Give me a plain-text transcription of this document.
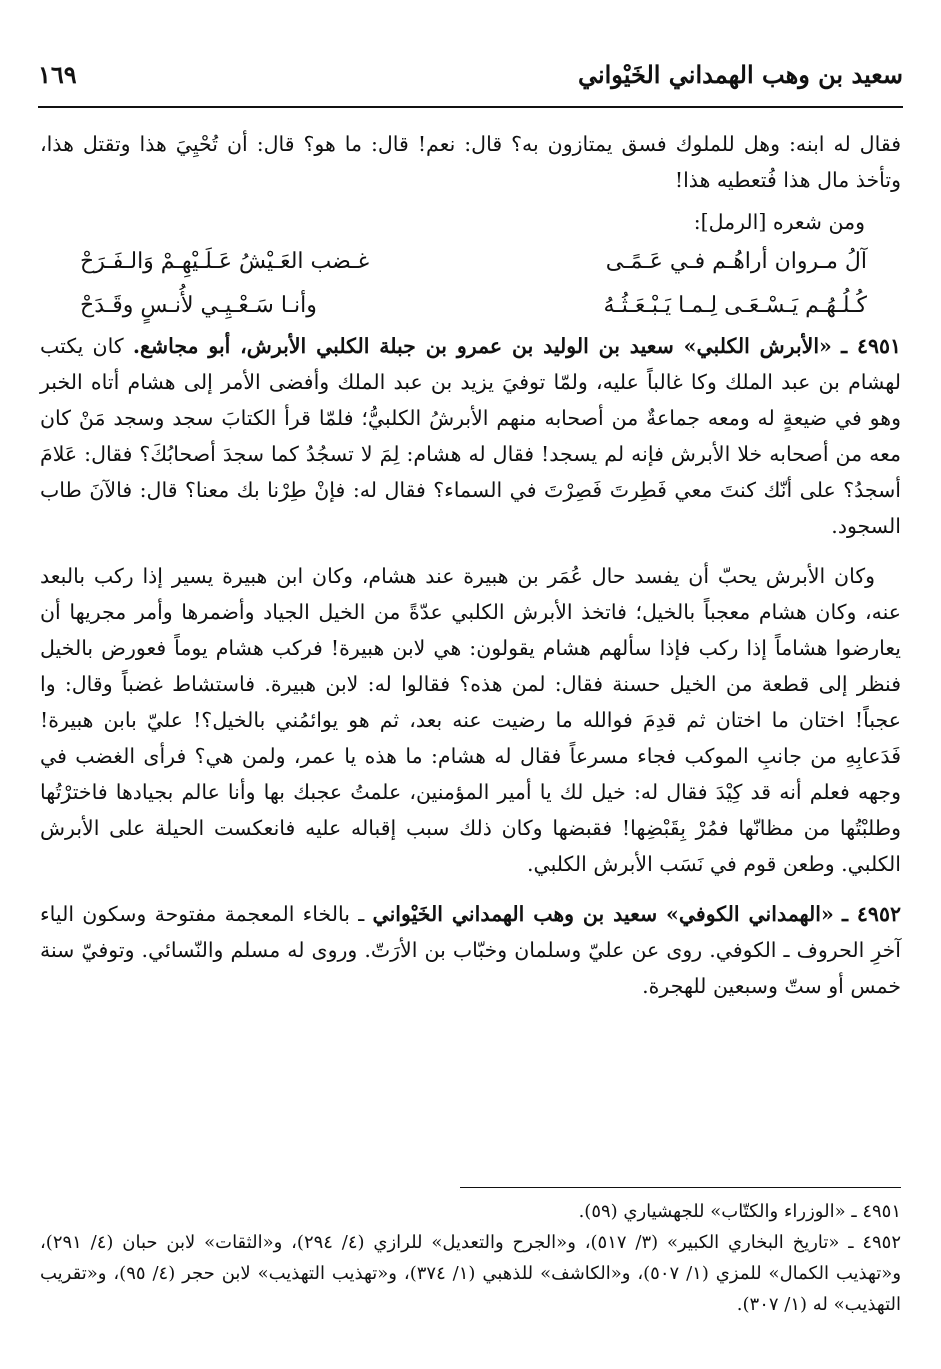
سعيد بن وهب الهمداني الخَيْواني
١٦٩

فقال له ابنه: وهل للملوك فسق يمتازون به؟ قال: نعم! قال: ما هو؟ قال: أن تُحْيِيَ هذا وتقتل هذا، وتأخذ مال هذا فُتعطيه هذا!

ومن شعره [الرمل]:

آلُ مـروان أراهُـم فـي عَـمًـى
غـضب العَـيْشُ عَـلَـيْهِـمْ وَالـفَـرَحْ
كُـلُـهُـم يَـسْـعَـى لِـمـا يَـبْـعَـثُـهُ
وأنـا سَـعْـيِـي لأُنـسٍ وقَـدَحْ

٤٩٥١ ـ «الأبرش الكلبي» سعيد بن الوليد بن عمرو بن جبلة الكلبي الأبرش، أبو مجاشع. كان يكتب لهشام بن عبد الملك وكا غالباً عليه، ولمّا توفيَ يزيد بن عبد الملك وأفضى الأمر إلى هشام أتاه الخبر وهو في ضيعةٍ له ومعه جماعةٌ من أصحابه منهم الأبرشُ الكلبيُّ؛ فلمّا قرأ الكتابَ سجد وسجد مَنْ كان معه من أصحابه خلا الأبرش فإنه لم يسجد! فقال له هشام: لِمَ لا تسجُدُ كما سجدَ أصحابُكَ؟ فقال: عَلامَ أسجدُ؟ على أنّك كنتَ معي فَطِرتَ فَصِرْتَ في السماء؟ فقال له: فإنْ طِرْنا بك معنا؟ قال: فالآنَ طاب السجود.

وكان الأبرش يحبّ أن يفسد حال عُمَر بن هبيرة عند هشام، وكان ابن هبيرة يسير إذا ركب بالبعد عنه، وكان هشام معجباً بالخيل؛ فاتخذ الأبرش الكلبي عدّةً من الخيل الجياد وأضمرها وأمر مجريها أن يعارضوا هشاماً إذا ركب فإذا سألهم هشام يقولون: هي لابن هبيرة! فركب هشام يوماً فعورض بالخيل فنظر إلى قطعة من الخيل حسنة فقال: لمن هذه؟ فقالوا له: لابن هبيرة. فاستشاط غضباً وقال: وا عجباً! اختان ما اختان ثم قدِمَ فوالله ما رضيت عنه بعد، ثم هو يوائمُني بالخيل؟! عليّ بابن هبيرة! فَدَعابِهِ من جانبِ الموكب فجاء مسرعاً فقال له هشام: ما هذه يا عمر، ولمن هي؟ فرأى الغضب في وجهه فعلم أنه قد كِيْدَ فقال له: خيل لك يا أمير المؤمنين، علمتُ عجبك بها وأنا عالم بجيادها فاخترْتُها وطلبْتُها من مظانّها فمُرْ بِقَبْضِها! فقبضها وكان ذلك سبب إقباله عليه فانعكست الحيلة على الأبرش الكلبي. وطعن قوم في نَسَب الأبرش الكلبي.

٤٩٥٢ ـ «الهمداني الكوفي» سعيد بن وهب الهمداني الخَيْواني ـ بالخاء المعجمة مفتوحة وسكون الياء آخرِ الحروف ـ الكوفي. روى عن عليّ وسلمان وخبّاب بن الأرَتّ. وروى له مسلم والنّسائي. وتوفيّ سنة خمس أو ستّ وسبعين للهجرة.

٤٩٥١ ـ «الوزراء والكتّاب» للجهشياري (٥٩).

٤٩٥٢ ـ «تاريخ البخاري الكبير» (٣/ ٥١٧)، و«الجرح والتعديل» للرازي (٤/ ٢٩٤)، و«الثقات» لابن حبان (٤/ ٢٩١)، و«تهذيب الكمال» للمزي (١/ ٥٠٧)، و«الكاشف» للذهبي (١/ ٣٧٤)، و«تهذيب التهذيب» لابن حجر (٤/ ٩٥)، و«تقريب التهذيب» له (١/ ٣٠٧).
